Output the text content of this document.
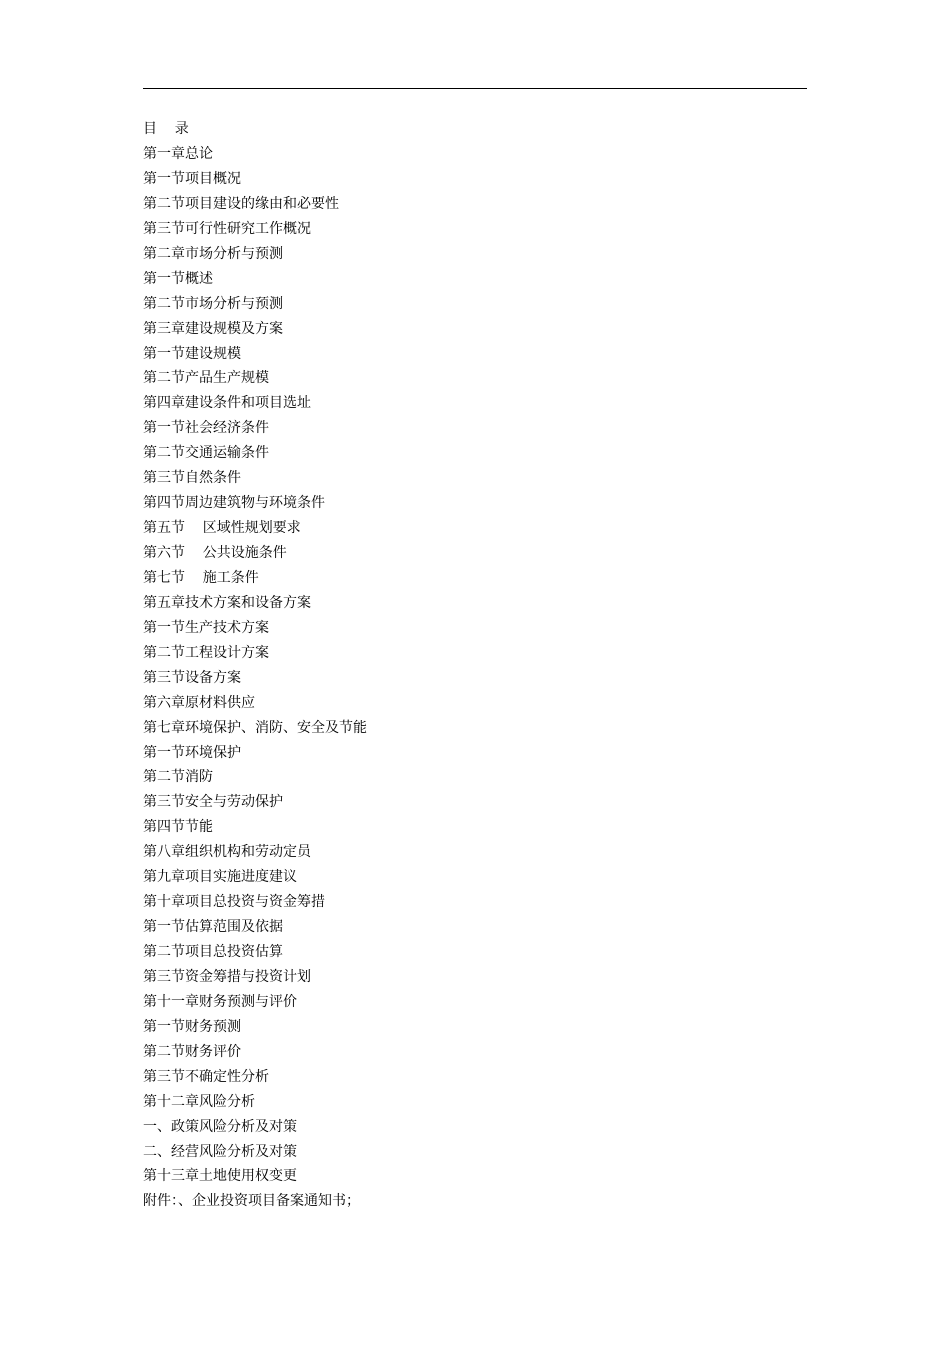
目    录
第一章总论
第一节项目概况
第二节项目建设的缘由和必要性
第三节可行性研究工作概况
第二章市场分析与预测
第一节概述
第二节市场分析与预测
第三章建设规模及方案
第一节建设规模
第二节产品生产规模
第四章建设条件和项目选址
第一节社会经济条件
第二节交通运输条件
第三节自然条件
第四节周边建筑物与环境条件
第五节    区域性规划要求
第六节    公共设施条件
第七节    施工条件
第五章技术方案和设备方案
第一节生产技术方案
第二节工程设计方案
第三节设备方案
第六章原材料供应
第七章环境保护、消防、安全及节能
第一节环境保护
第二节消防
第三节安全与劳动保护
第四节节能
第八章组织机构和劳动定员
第九章项目实施进度建议
第十章项目总投资与资金筹措
第一节估算范围及依据
第二节项目总投资估算
第三节资金筹措与投资计划
第十一章财务预测与评价
第一节财务预测
第二节财务评价
第三节不确定性分析
第十二章风险分析
一、政策风险分析及对策
二、经营风险分析及对策
第十三章土地使用权变更
附件：、企业投资项目备案通知书；
